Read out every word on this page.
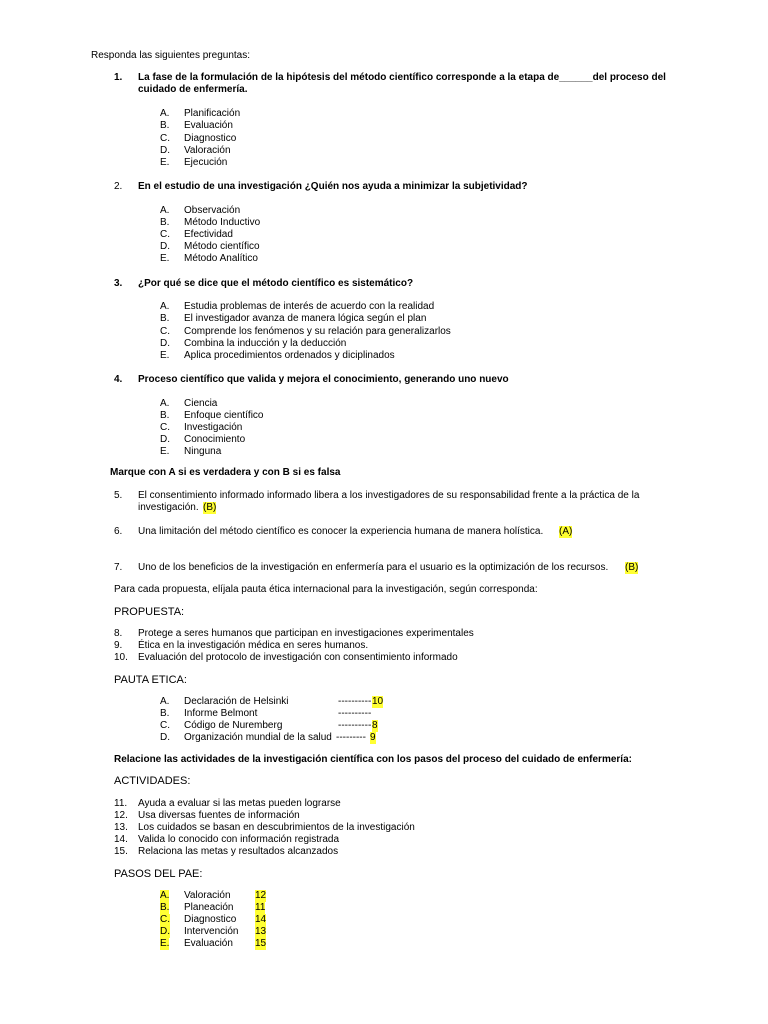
Responda las siguientes preguntas:
1. La fase de la formulación de la hipótesis del método científico corresponde a la etapa de______del proceso del
cuidado de enfermería.
A. Planificación
B. Evaluación
C. Diagnostico
D. Valoración
E. Ejecución
2. En el estudio de una investigación ¿Quién nos ayuda a minimizar la subjetividad?
A. Observación
B. Método Inductivo
C. Efectividad
D. Método científico
E. Método Analítico
3. ¿Por qué se dice que el método científico es sistemático?
A. Estudia problemas de interés de acuerdo con la realidad
B. El investigador avanza de manera lógica según el plan
C. Comprende los fenómenos y su relación para generalizarlos
D. Combina la inducción y la deducción
E. Aplica procedimientos ordenados y diciplinados
4. Proceso científico que valida y mejora el conocimiento, generando uno nuevo
A. Ciencia
B. Enfoque científico
C. Investigación
D. Conocimiento
E. Ninguna
Marque con A si es verdadera y con B si es falsa
5. El consentimiento informado informado libera a los investigadores de su responsabilidad frente a la práctica de la
investigación. (B)
6. Una limitación del método científico es conocer la experiencia humana de manera holística. (A)
7. Uno de los beneficios de la investigación en enfermería para el usuario es la optimización de los recursos. (B)
Para cada propuesta, elíjala pauta ética internacional para la investigación, según corresponda:
PROPUESTA:
8. Protege a seres humanos que participan en investigaciones experimentales
9. Ética en la investigación médica en seres humanos.
10. Evaluación del protocolo de investigación con consentimiento informado
PAUTA ETICA:
A. Declaración de Helsinki	---------- 10
B. Informe Belmont	----------
C. Código de Nuremberg	---------- 8
D. Organización mundial de la salud --------- 9
Relacione las actividades de la investigación científica con los pasos del proceso del cuidado de enfermería:
ACTIVIDADES:
11. Ayuda a evaluar si las metas pueden lograrse
12. Usa diversas fuentes de información
13. Los cuidados se basan en descubrimientos de la investigación
14. Valida lo conocido con información registrada
15. Relaciona las metas y resultados alcanzados
PASOS DEL PAE:
A. Valoración 12
B. Planeación 11
C. Diagnostico 14
D. Intervención 13
E. Evaluación 15
